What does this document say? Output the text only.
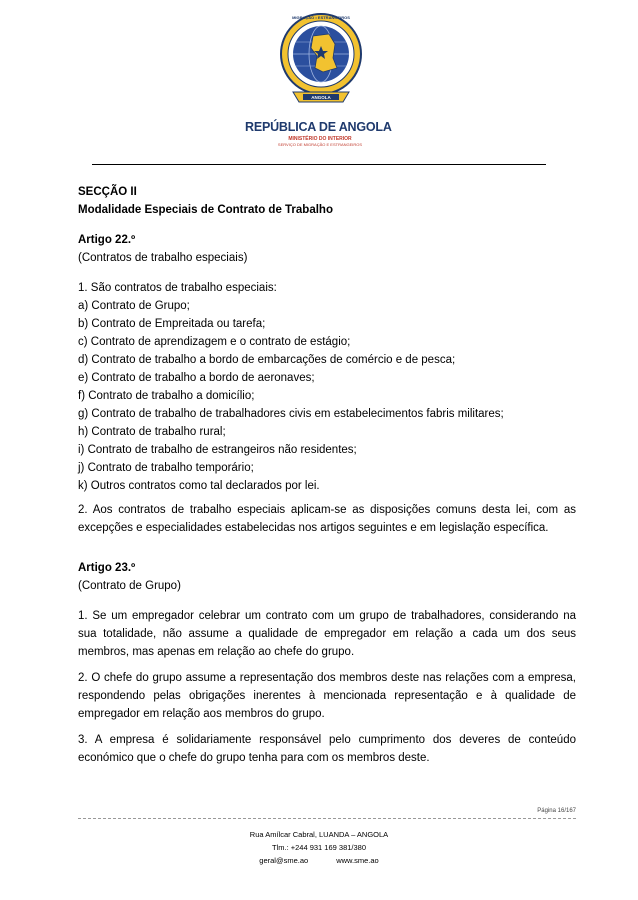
ANGOLA
MIGRAÇÃO • ESTRANGEIROS
REPÚBLICA DE ANGOLA
MINISTÉRIO DO INTERIOR
SERVIÇO DE MIGRAÇÃO E ESTRANGEIROS
SECÇÃO II
Modalidade Especiais de Contrato de Trabalho
Artigo 22.º
(Contratos de trabalho especiais)
1. São contratos de trabalho especiais:
a) Contrato de Grupo;
b) Contrato de Empreitada ou tarefa;
c) Contrato de aprendizagem e o contrato de estágio;
d) Contrato de trabalho a bordo de embarcações de comércio e de pesca;
e) Contrato de trabalho a bordo de aeronaves;
f) Contrato de trabalho a domicílio;
g) Contrato de trabalho de trabalhadores civis em estabelecimentos fabris militares;
h) Contrato de trabalho rural;
i) Contrato de trabalho de estrangeiros não residentes;
j) Contrato de trabalho temporário;
k) Outros contratos como tal declarados por lei.

2. Aos contratos de trabalho especiais aplicam-se as disposições comuns desta lei, com as excepções e especialidades estabelecidas nos artigos seguintes e em legislação específica.

Artigo 23.º
(Contrato de Grupo)

1. Se um empregador celebrar um contrato com um grupo de trabalhadores, considerando na sua totalidade, não assume a qualidade de empregador em relação a cada um dos seus membros, mas apenas em relação ao chefe do grupo.

2. O chefe do grupo assume a representação dos membros deste nas relações com a empresa, respondendo pelas obrigações inerentes à mencionada representação e à qualidade de empregador em relação aos membros do grupo.

3. A empresa é solidariamente responsável pelo cumprimento dos deveres de conteúdo económico que o chefe do grupo tenha para com os membros deste.

Página 16/167
Rua Amílcar Cabral, LUANDA – ANGOLA
Tlm.: +244 931 169 381/380
geral@sme.ao	www.sme.ao
